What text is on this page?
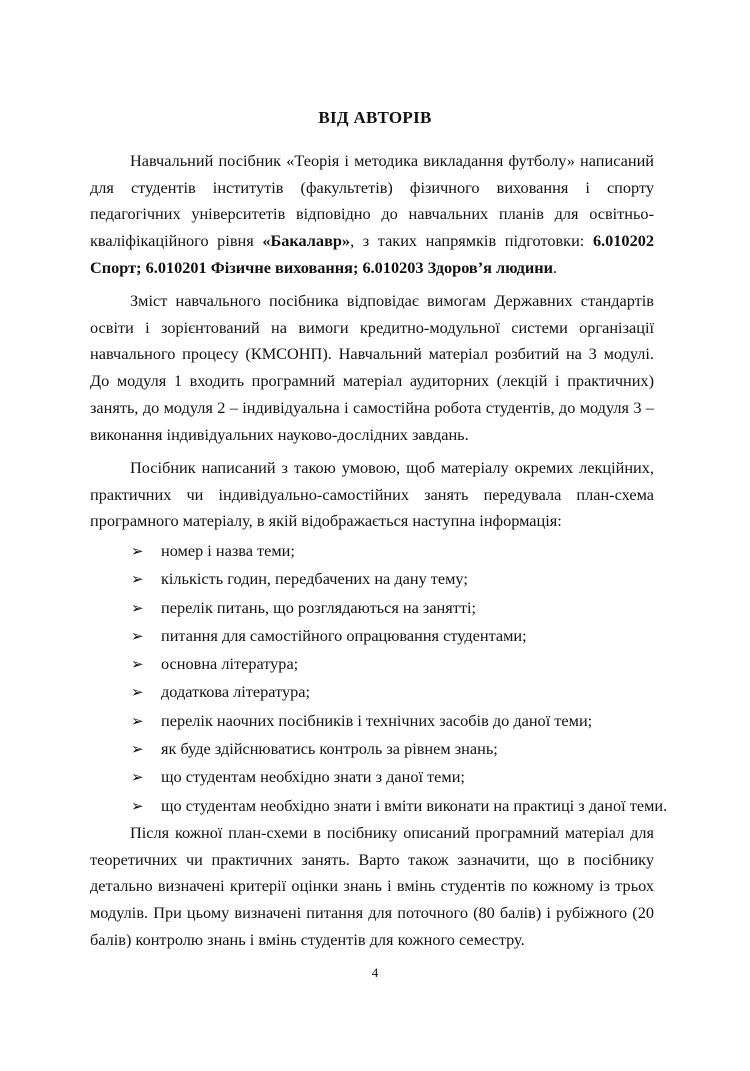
ВІД АВТОРІВ

Навчальний посібник «Теорія і методика викладання футболу» написаний для студентів інститутів (факультетів) фізичного виховання і спорту педагогічних університетів відповідно до навчальних планів для освітньо-кваліфікаційного рівня «Бакалавр», з таких напрямків підготовки: 6.010202 Спорт; 6.010201 Фізичне виховання; 6.010203 Здоров’я людини.

Зміст навчального посібника відповідає вимогам Державних стандартів освіти і зорієнтований на вимоги кредитно-модульної системи організації навчального процесу (КМСОНП). Навчальний матеріал розбитий на 3 модулі. До модуля 1 входить програмний матеріал аудиторних (лекцій і практичних) занять, до модуля 2 – індивідуальна і самостійна робота студентів, до модуля 3 – виконання індивідуальних науково-дослідних завдань.

Посібник написаний з такою умовою, щоб матеріалу окремих лекційних, практичних чи індивідуально-самостійних занять передувала план-схема програмного матеріалу, в якій відображається наступна інформація:

➢ номер і назва теми;
➢ кількість годин, передбачених на дану тему;
➢ перелік питань, що розглядаються на занятті;
➢ питання для самостійного опрацювання студентами;
➢ основна література;
➢ додаткова література;
➢ перелік наочних посібників і технічних засобів до даної теми;
➢ як буде здійснюватись контроль за рівнем знань;
➢ що студентам необхідно знати з даної теми;
➢ що студентам необхідно знати і вміти виконати на практиці з даної теми.

Після кожної план-схеми в посібнику описаний програмний матеріал для теоретичних чи практичних занять. Варто також зазначити, що в посібнику детально визначені критерії оцінки знань і вмінь студентів по кожному із трьох модулів. При цьому визначені питання для поточного (80 балів) і рубіжного (20 балів) контролю знань і вмінь студентів для кожного семестру.

4
